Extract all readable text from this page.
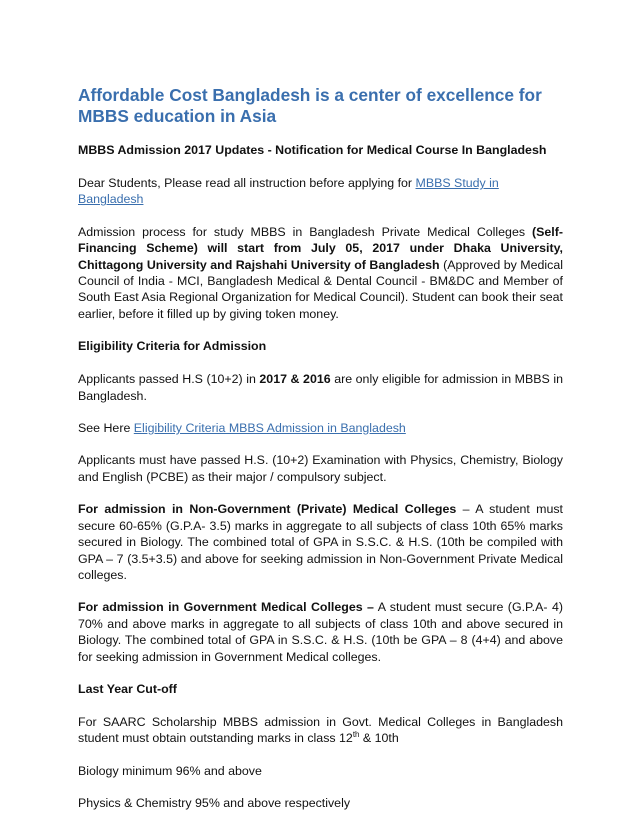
Affordable Cost Bangladesh is a center of excellence for MBBS education in Asia
MBBS Admission 2017 Updates - Notification for Medical Course In Bangladesh

Dear Students, Please read all instruction before applying for MBBS Study in Bangladesh

Admission process for study MBBS in Bangladesh Private Medical Colleges (Self-Financing Scheme) will start from July 05, 2017 under Dhaka University, Chittagong University and Rajshahi University of Bangladesh (Approved by Medical Council of India - MCI, Bangladesh Medical & Dental Council - BM&DC and Member of South East Asia Regional Organization for Medical Council). Student can book their seat earlier, before it filled up by giving token money.

Eligibility Criteria for Admission

Applicants passed H.S (10+2) in 2017 & 2016 are only eligible for admission in MBBS in Bangladesh.

See Here Eligibility Criteria MBBS Admission in Bangladesh

Applicants must have passed H.S. (10+2) Examination with Physics, Chemistry, Biology and English (PCBE) as their major / compulsory subject.

For admission in Non-Government (Private) Medical Colleges – A student must secure 60-65% (G.P.A- 3.5) marks in aggregate to all subjects of class 10th 65% marks secured in Biology. The combined total of GPA in S.S.C. & H.S. (10th be compiled with GPA – 7 (3.5+3.5) and above for seeking admission in Non-Government Private Medical colleges.

For admission in Government Medical Colleges – A student must secure (G.P.A- 4) 70% and above marks in aggregate to all subjects of class 10th and above secured in Biology. The combined total of GPA in S.S.C. & H.S. (10th be GPA – 8 (4+4) and above for seeking admission in Government Medical colleges.

Last Year Cut-off

For SAARC Scholarship MBBS admission in Govt. Medical Colleges in Bangladesh student must obtain outstanding marks in class 12th & 10th

Biology minimum 96% and above

Physics & Chemistry 95% and above respectively
